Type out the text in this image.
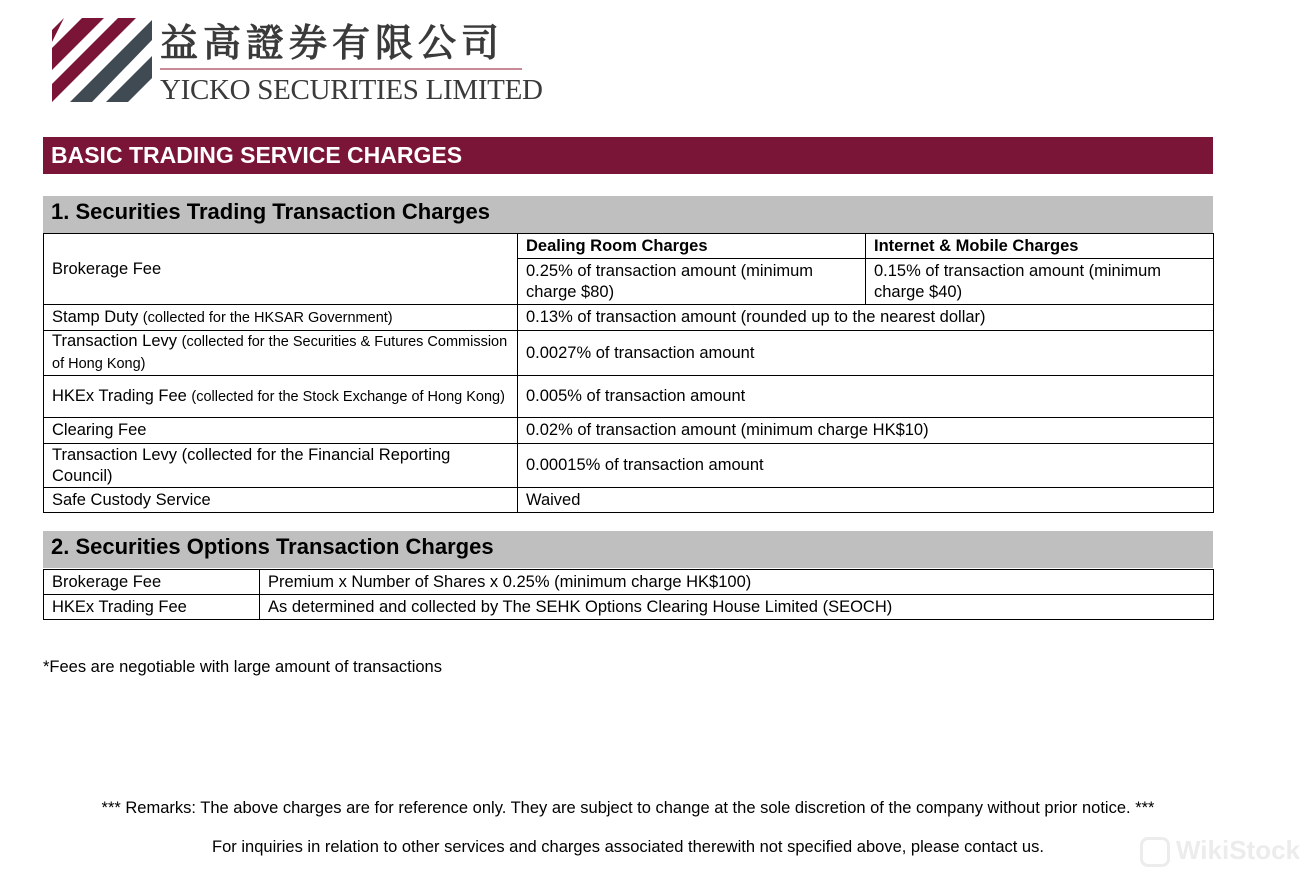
益高證券有限公司
YICKO SECURITIES LIMITED
BASIC TRADING SERVICE CHARGES
1. Securities Trading Transaction Charges
Brokerage Fee	Dealing Room Charges	Internet & Mobile Charges
	0.25% of transaction amount (minimum charge $80)	0.15% of transaction amount (minimum charge $40)
Stamp Duty (collected for the HKSAR Government)	0.13% of transaction amount (rounded up to the nearest dollar)	
Transaction Levy (collected for the Securities & Futures Commission of Hong Kong)	0.0027% of transaction amount	
HKEx Trading Fee (collected for the Stock Exchange of Hong Kong)	0.005% of transaction amount	
Clearing Fee	0.02% of transaction amount (minimum charge HK$10)	
Transaction Levy (collected for the Financial Reporting Council)	0.00015% of transaction amount	
Safe Custody Service	Waived	
2. Securities Options Transaction Charges
Brokerage Fee	Premium x Number of Shares x 0.25% (minimum charge HK$100)
HKEx Trading Fee	As determined and collected by The SEHK Options Clearing House Limited (SEOCH)
*Fees are negotiable with large amount of transactions
*** Remarks: The above charges are for reference only. They are subject to change at the sole discretion of the company without prior notice. ***
For inquiries in relation to other services and charges associated therewith not specified above, please contact us.	WikiStock
